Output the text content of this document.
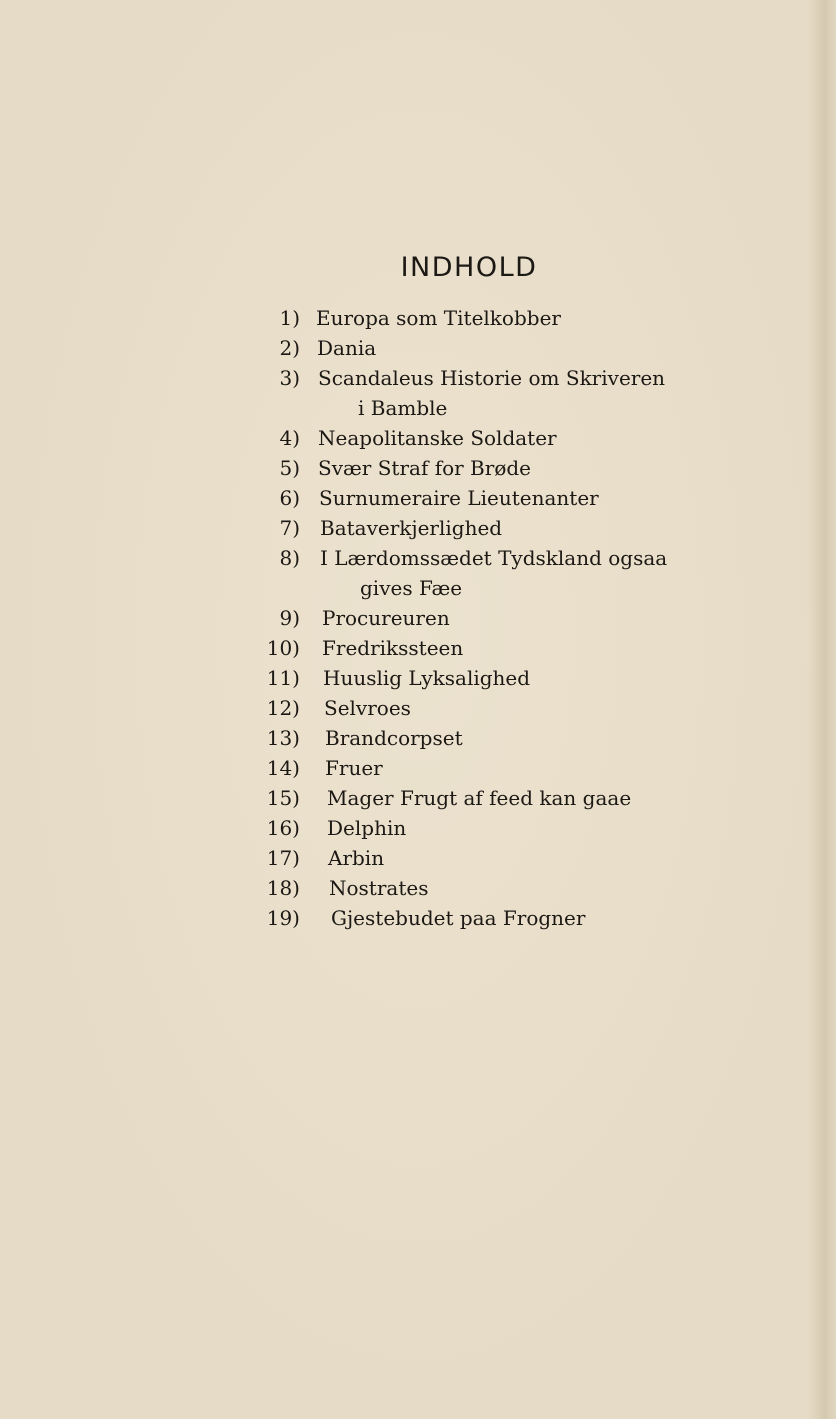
INDHOLD
1) Europa som Titelkobber
2) Dania
3) Scandaleus Historie om Skriveren
i Bamble
4) Neapolitanske Soldater
5) Svær Straf for Brøde
6) Surnumeraire Lieutenanter
7) Bataverkjerlighed
8) I Lærdomssædet Tydskland ogsaa
gives Fæe
9) Procureuren
10) Fredrikssteen
11) Huuslig Lyksalighed
12) Selvroes
13) Brandcorpset
14) Fruer
15) Mager Frugt af feed kan gaae
16) Delphin
17) Arbin
18) Nostrates
19) Gjestebudet paa Frogner
